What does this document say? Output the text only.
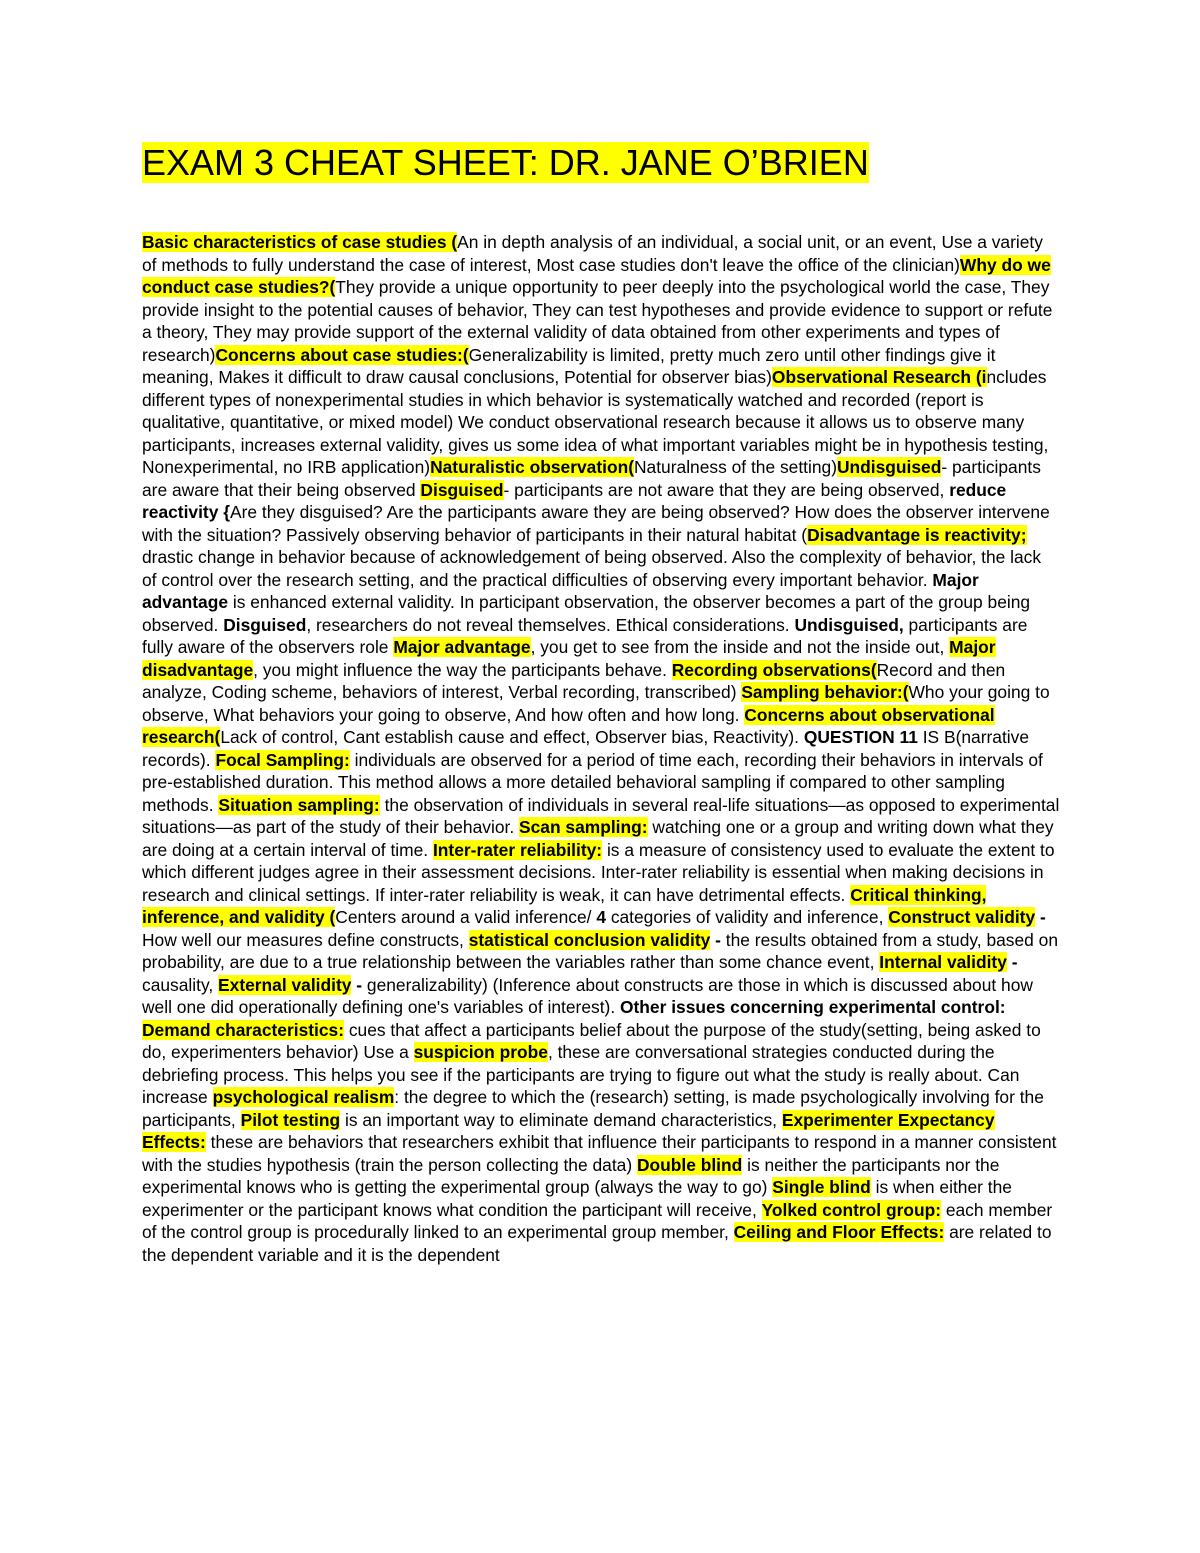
EXAM 3 CHEAT SHEET: DR. JANE O’BRIEN

Basic characteristics of case studies (An in depth analysis of an individual, a social unit, or an event, Use a variety of methods to fully understand the case of interest, Most case studies don't leave the office of the clinician)Why do we conduct case studies?(They provide a unique opportunity to peer deeply into the psychological world the case, They provide insight to the potential causes of behavior, They can test hypotheses and provide evidence to support or refute a theory, They may provide support of the external validity of data obtained from other experiments and types of research)Concerns about case studies:(Generalizability is limited, pretty much zero until other findings give it meaning, Makes it difficult to draw causal conclusions, Potential for observer bias)Observational Research (includes different types of nonexperimental studies in which behavior is systematically watched and recorded (report is qualitative, quantitative, or mixed model) We conduct observational research because it allows us to observe many participants, increases external validity, gives us some idea of what important variables might be in hypothesis testing, Nonexperimental, no IRB application)Naturalistic observation(Naturalness of the setting)Undisguised- participants are aware that their being observed Disguised- participants are not aware that they are being observed, reduce reactivity {Are they disguised? Are the participants aware they are being observed? How does the observer intervene with the situation? Passively observing behavior of participants in their natural habitat (Disadvantage is reactivity; drastic change in behavior because of acknowledgement of being observed. Also the complexity of behavior, the lack of control over the research setting, and the practical difficulties of observing every important behavior. Major advantage is enhanced external validity. In participant observation, the observer becomes a part of the group being observed. Disguised, researchers do not reveal themselves. Ethical considerations. Undisguised, participants are fully aware of the observers role Major advantage, you get to see from the inside and not the inside out, Major disadvantage, you might influence the way the participants behave. Recording observations(Record and then analyze, Coding scheme, behaviors of interest, Verbal recording, transcribed) Sampling behavior:(Who your going to observe, What behaviors your going to observe, And how often and how long. Concerns about observational research(Lack of control, Cant establish cause and effect, Observer bias, Reactivity). QUESTION 11 IS B(narrative records). Focal Sampling: individuals are observed for a period of time each, recording their behaviors in intervals of pre-established duration. This method allows a more detailed behavioral sampling if compared to other sampling methods. Situation sampling: the observation of individuals in several real-life situations—as opposed to experimental situations—as part of the study of their behavior. Scan sampling: watching one or a group and writing down what they are doing at a certain interval of time. Inter-rater reliability: is a measure of consistency used to evaluate the extent to which different judges agree in their assessment decisions. Inter-rater reliability is essential when making decisions in research and clinical settings. If inter-rater reliability is weak, it can have detrimental effects. Critical thinking, inference, and validity (Centers around a valid inference/ 4 categories of validity and inference, Construct validity - How well our measures define constructs, statistical conclusion validity - the results obtained from a study, based on probability, are due to a true relationship between the variables rather than some chance event, Internal validity - causality, External validity - generalizability) (Inference about constructs are those in which is discussed about how well one did operationally defining one's variables of interest). Other issues concerning experimental control: Demand characteristics: cues that affect a participants belief about the purpose of the study(setting, being asked to do, experimenters behavior) Use a suspicion probe, these are conversational strategies conducted during the debriefing process. This helps you see if the participants are trying to figure out what the study is really about. Can increase psychological realism: the degree to which the (research) setting, is made psychologically involving for the participants, Pilot testing is an important way to eliminate demand characteristics, Experimenter Expectancy Effects: these are behaviors that researchers exhibit that influence their participants to respond in a manner consistent with the studies hypothesis (train the person collecting the data) Double blind is neither the participants nor the experimental knows who is getting the experimental group (always the way to go) Single blind is when either the experimenter or the participant knows what condition the participant will receive, Yolked control group: each member of the control group is procedurally linked to an experimental group member, Ceiling and Floor Effects: are related to the dependent variable and it is the dependent
